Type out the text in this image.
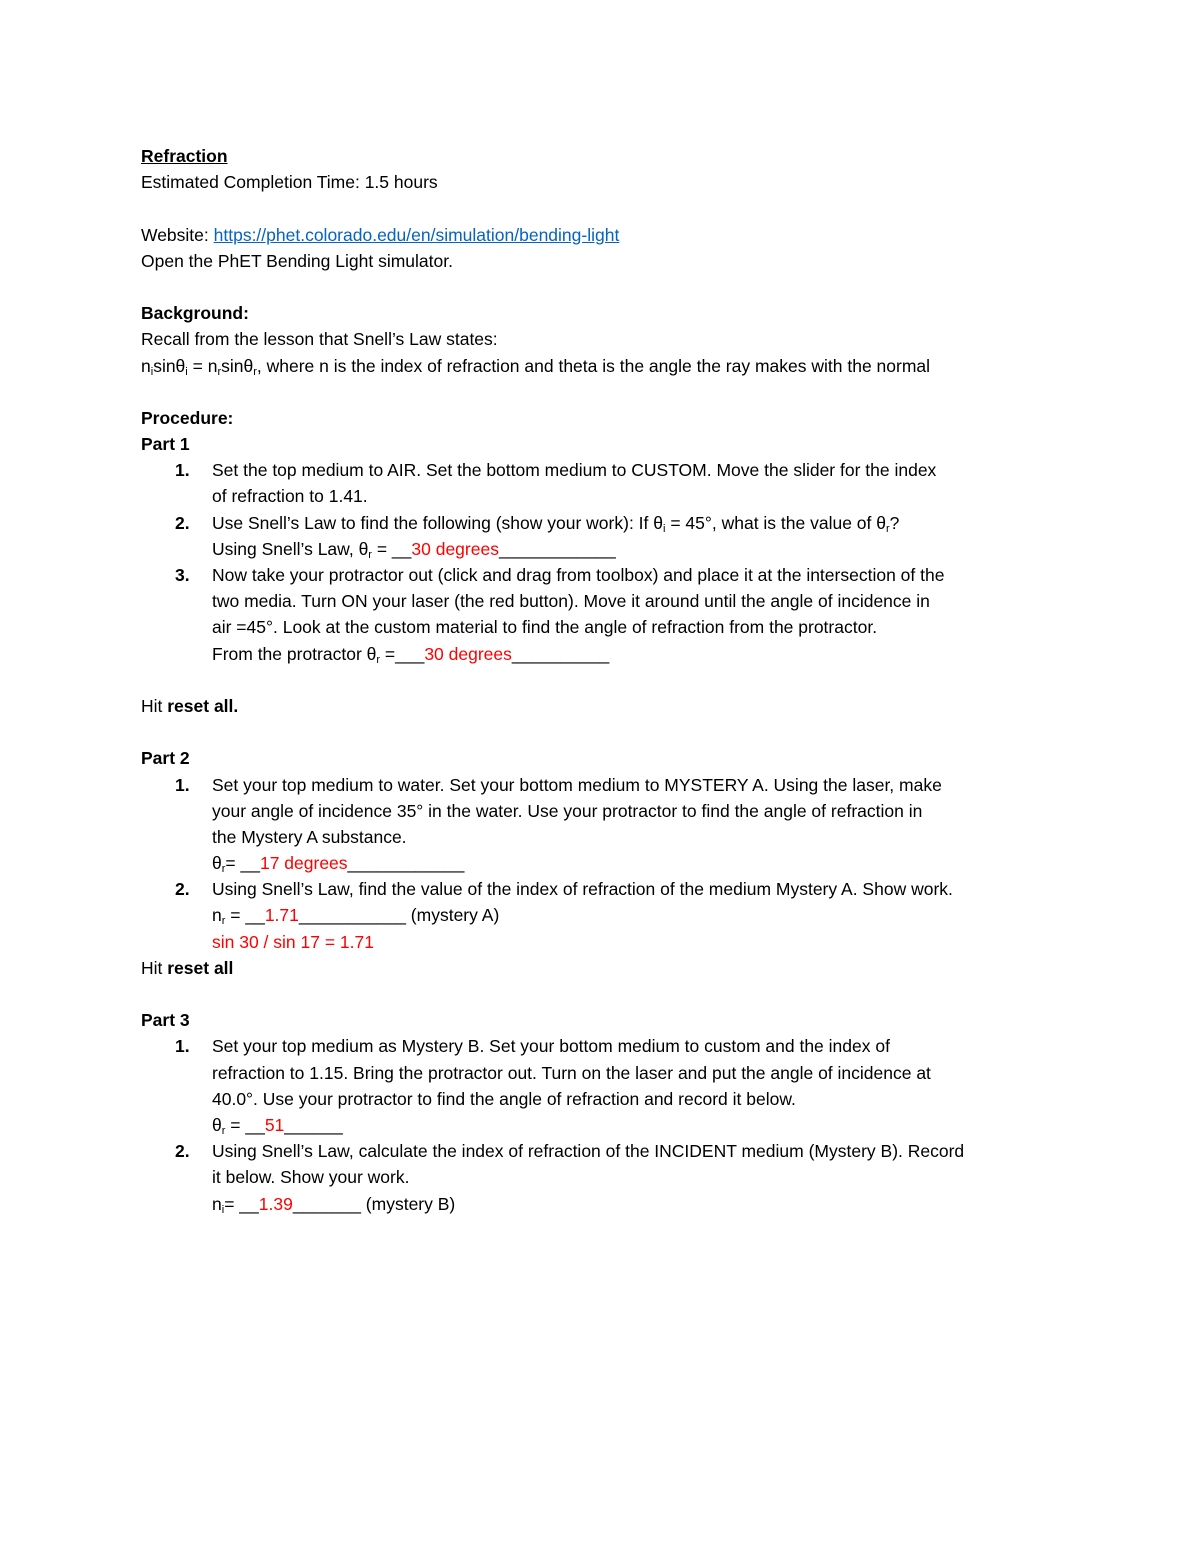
Refraction
Estimated Completion Time: 1.5 hours
Website: https://phet.colorado.edu/en/simulation/bending-light
Open the PhET Bending Light simulator.
Background:
Recall from the lesson that Snell’s Law states:
$n_i\sin\theta_i = n_r\sin\theta_r$, where n is the index of refraction and theta is the angle the ray makes with the normal
Procedure:
Part 1
1. Set the top medium to AIR. Set the bottom medium to CUSTOM. Move the slider for the index
of refraction to 1.41.
2. Use Snell’s Law to find the following (show your work): If $\theta_i = 45^\circ$, what is the value of $\theta_r$?
Using Snell’s Law, $\theta_r$ = __30 degrees____________
3. Now take your protractor out (click and drag from toolbox) and place it at the intersection of the
two media. Turn ON your laser (the red button). Move it around until the angle of incidence in
air =45°. Look at the custom material to find the angle of refraction from the protractor.
From the protractor $\theta_r$ =___30 degrees__________
Hit reset all.
Part 2
1. Set your top medium to water. Set your bottom medium to MYSTERY A. Using the laser, make
your angle of incidence 35° in the water. Use your protractor to find the angle of refraction in
the Mystery A substance.
$\theta_r=$ __17 degrees____________
2. Using Snell’s Law, find the value of the index of refraction of the medium Mystery A. Show work.
$n_r$ = __1.71___________ (mystery A)
sin 30 / sin 17 = 1.71
Hit reset all
Part 3
1. Set your top medium as Mystery B. Set your bottom medium to custom and the index of
refraction to 1.15. Bring the protractor out. Turn on the laser and put the angle of incidence at
40.0°. Use your protractor to find the angle of refraction and record it below.
$\theta_r$ = __51______
2. Using Snell’s Law, calculate the index of refraction of the INCIDENT medium (Mystery B). Record
it below. Show your work.
$n_i=$ __1.39_______ (mystery B)
